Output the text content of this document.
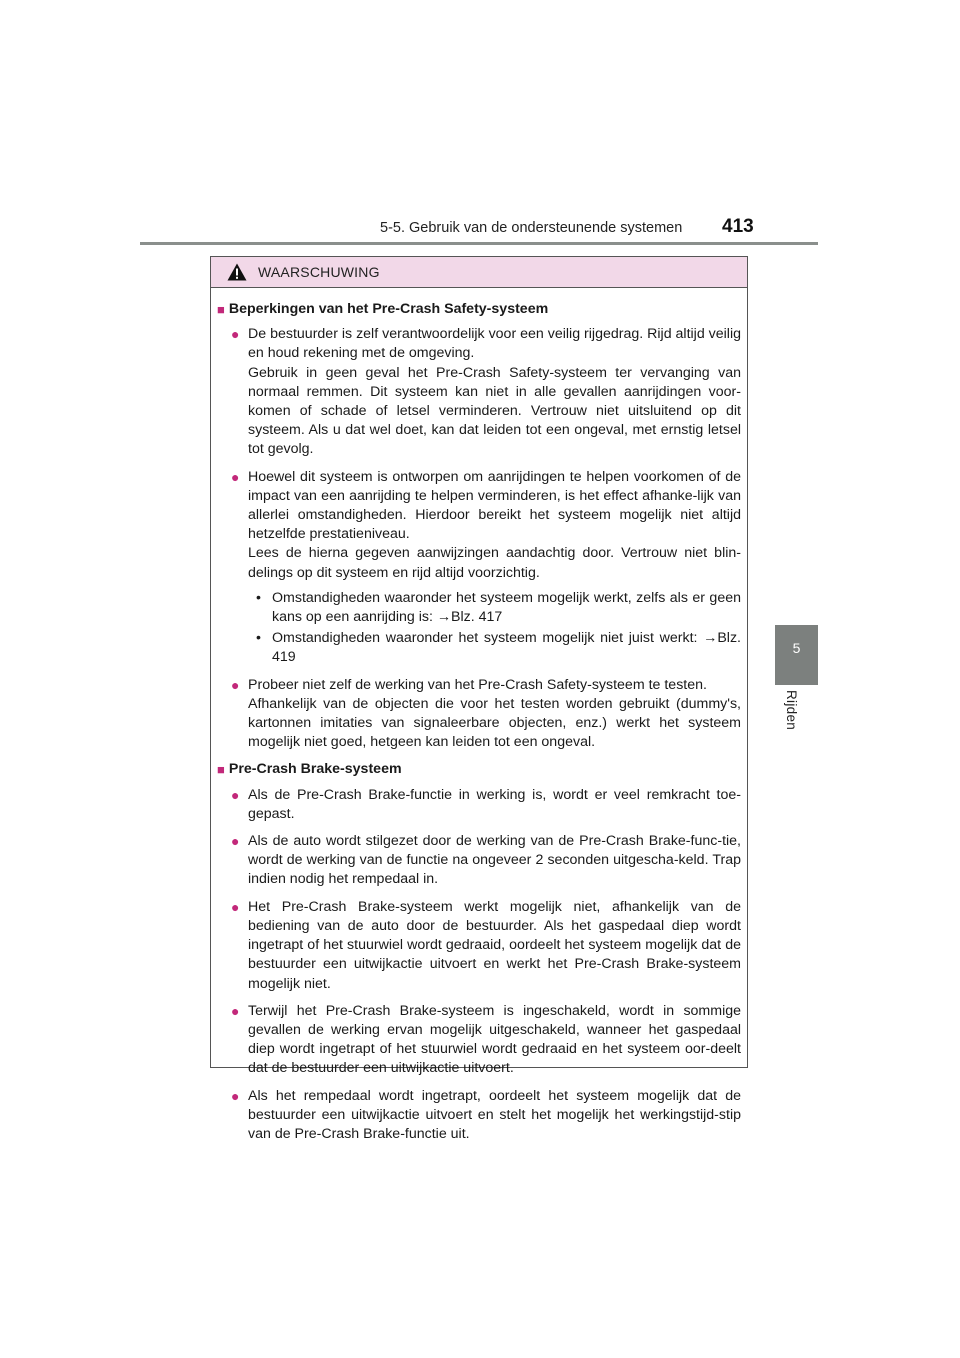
5-5. Gebruik van de ondersteunende systemen 413
5
Rijden
WAARSCHUWING
■ Beperkingen van het Pre-Crash Safety-systeem
● De bestuurder is zelf verantwoordelijk voor een veilig rijgedrag. Rijd altijd veilig en houd rekening met de omgeving.

Gebruik in geen geval het Pre-Crash Safety-systeem ter vervanging van normaal remmen. Dit systeem kan niet in alle gevallen aanrijdingen voor-komen of schade of letsel verminderen. Vertrouw niet uitsluitend op dit systeem. Als u dat wel doet, kan dat leiden tot een ongeval, met ernstig letsel tot gevolg.

● Hoewel dit systeem is ontworpen om aanrijdingen te helpen voorkomen of de impact van een aanrijding te helpen verminderen, is het effect afhanke-lijk van allerlei omstandigheden. Hierdoor bereikt het systeem mogelijk niet altijd hetzelfde prestatieniveau.

Lees de hierna gegeven aanwijzingen aandachtig door. Vertrouw niet blin-delings op dit systeem en rijd altijd voorzichtig.

• Omstandigheden waaronder het systeem mogelijk werkt, zelfs als er geen kans op een aanrijding is: →Blz. 417
• Omstandigheden waaronder het systeem mogelijk niet juist werkt: →Blz. 419
● Probeer niet zelf de werking van het Pre-Crash Safety-systeem te testen.

Afhankelijk van de objecten die voor het testen worden gebruikt (dummy's, kartonnen imitaties van signaleerbare objecten, enz.) werkt het systeem mogelijk niet goed, hetgeen kan leiden tot een ongeval.

■ Pre-Crash Brake-systeem
● Als de Pre-Crash Brake-functie in werking is, wordt er veel remkracht toe-gepast.

● Als de auto wordt stilgezet door de werking van de Pre-Crash Brake-func-tie, wordt de werking van de functie na ongeveer 2 seconden uitgescha-keld. Trap indien nodig het rempedaal in.

● Het Pre-Crash Brake-systeem werkt mogelijk niet, afhankelijk van de bediening van de auto door de bestuurder. Als het gaspedaal diep wordt ingetrapt of het stuurwiel wordt gedraaid, oordeelt het systeem mogelijk dat de bestuurder een uitwijkactie uitvoert en werkt het Pre-Crash Brake-systeem mogelijk niet.

● Terwijl het Pre-Crash Brake-systeem is ingeschakeld, wordt in sommige gevallen de werking ervan mogelijk uitgeschakeld, wanneer het gaspedaal diep wordt ingetrapt of het stuurwiel wordt gedraaid en het systeem oor-deelt dat de bestuurder een uitwijkactie uitvoert.

● Als het rempedaal wordt ingetrapt, oordeelt het systeem mogelijk dat de bestuurder een uitwijkactie uitvoert en stelt het mogelijk het werkingstijd-stip van de Pre-Crash Brake-functie uit.
